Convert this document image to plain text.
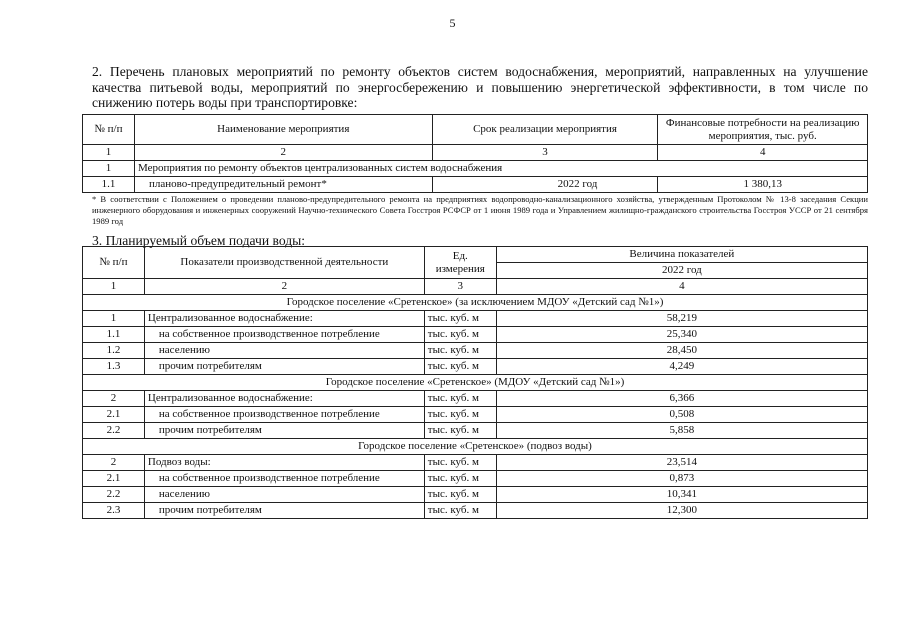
5

2. Перечень плановых мероприятий по ремонту объектов систем водоснабжения, мероприятий, направленных на улучшение качества питьевой воды, мероприятий по энергосбережению и повышению энергетической эффективности, в том числе по снижению потерь воды при транспортировке:

№ п/п	Наименование мероприятия	Срок реализации мероприятия	Финансовые потребности на реализацию мероприятия, тыс. руб.
1	2	3	4
1	Мероприятия по ремонту объектов централизованных систем водоснабжения		
1.1	планово-предупредительный ремонт*	2022 год	1 380,13

* В соответствии с Положением о проведении планово-предупредительного ремонта на предприятиях водопроводно-канализационного хозяйства, утвержденным Протоколом № 13-8 заседания Секции инженерного оборудования и инженерных сооружений Научно-технического Совета Госстроя РСФСР от 1 июня 1989 года и Управлением жилищно-гражданского строительства Госстроя УССР от 21 сентября 1989 год

3. Планируемый объем подачи воды:

№ п/п	Показатели производственной деятельности	Ед. измерения	Величина показателей
			2022 год
1	2	3	4
Городское поселение «Сретенское» (за исключением МДОУ «Детский сад №1»)			
1	Централизованное водоснабжение:	тыс. куб. м	58,219
1.1	на собственное производственное потребление	тыс. куб. м	25,340
1.2	населению	тыс. куб. м	28,450
1.3	прочим потребителям	тыс. куб. м	4,249
Городское поселение «Сретенское» (МДОУ «Детский сад №1»)			
2	Централизованное водоснабжение:	тыс. куб. м	6,366
2.1	на собственное производственное потребление	тыс. куб. м	0,508
2.2	прочим потребителям	тыс. куб. м	5,858
Городское поселение «Сретенское» (подвоз воды)			
2	Подвоз воды:	тыс. куб. м	23,514
2.1	на собственное производственное потребление	тыс. куб. м	0,873
2.2	населению	тыс. куб. м	10,341
2.3	прочим потребителям	тыс. куб. м	12,300
